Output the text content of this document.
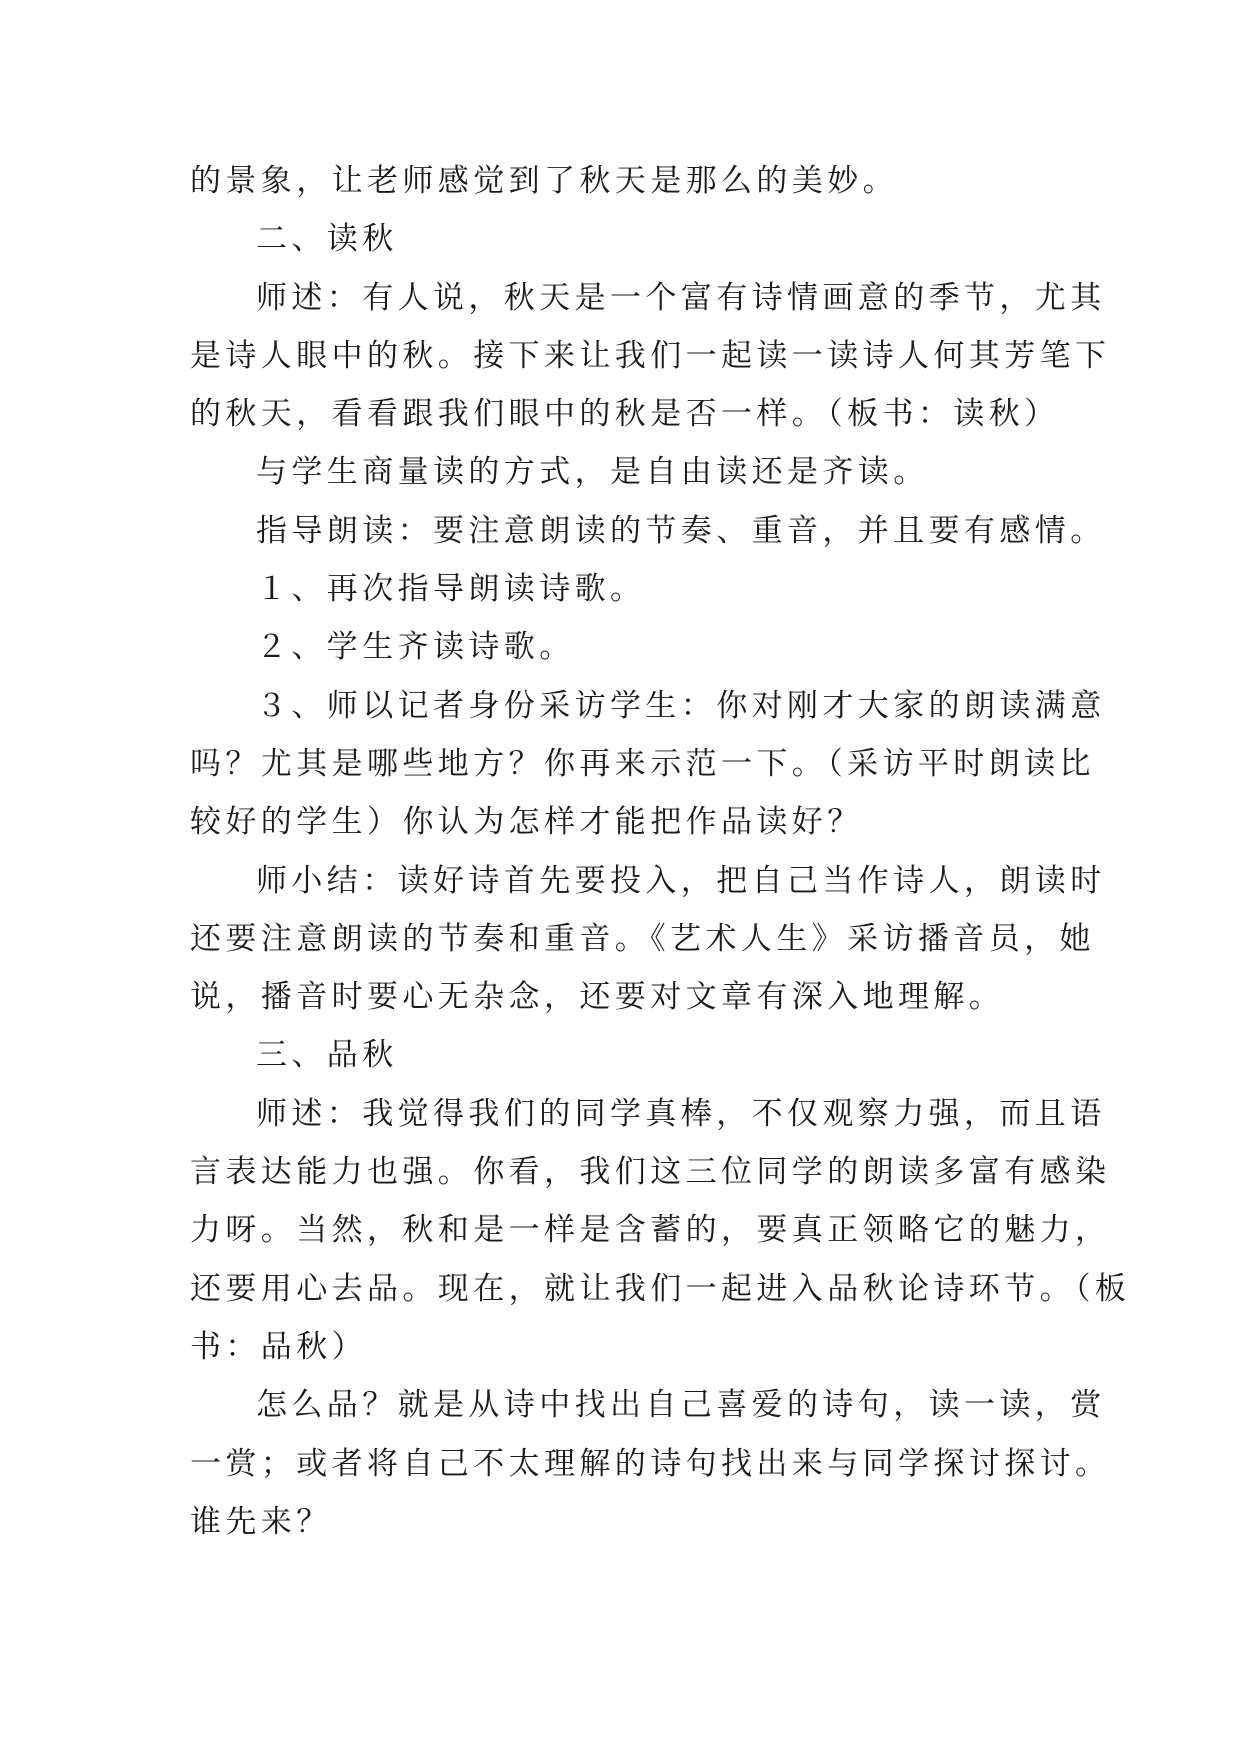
的景象，让老师感觉到了秋天是那么的美妙。

二、读秋

师述：有人说，秋天是一个富有诗情画意的季节，尤其

是诗人眼中的秋。接下来让我们一起读一读诗人何其芳笔下

的秋天，看看跟我们眼中的秋是否一样。（板书：读秋）

与学生商量读的方式，是自由读还是齐读。

指导朗读：要注意朗读的节奏、重音，并且要有感情。

１、再次指导朗读诗歌。

２、学生齐读诗歌。

３、师以记者身份采访学生：你对刚才大家的朗读满意

吗？尤其是哪些地方？你再来示范一下。（采访平时朗读比

较好的学生）你认为怎样才能把作品读好？

师小结：读好诗首先要投入，把自己当作诗人，朗读时

还要注意朗读的节奏和重音。《艺术人生》采访播音员，她

说，播音时要心无杂念，还要对文章有深入地理解。

三、品秋

师述：我觉得我们的同学真棒，不仅观察力强，而且语

言表达能力也强。你看，我们这三位同学的朗读多富有感染

力呀。当然，秋和是一样是含蓄的，要真正领略它的魅力，

还要用心去品。现在，就让我们一起进入品秋论诗环节。（板

书：品秋）

怎么品？就是从诗中找出自己喜爱的诗句，读一读，赏

一赏；或者将自己不太理解的诗句找出来与同学探讨探讨。

谁先来？
